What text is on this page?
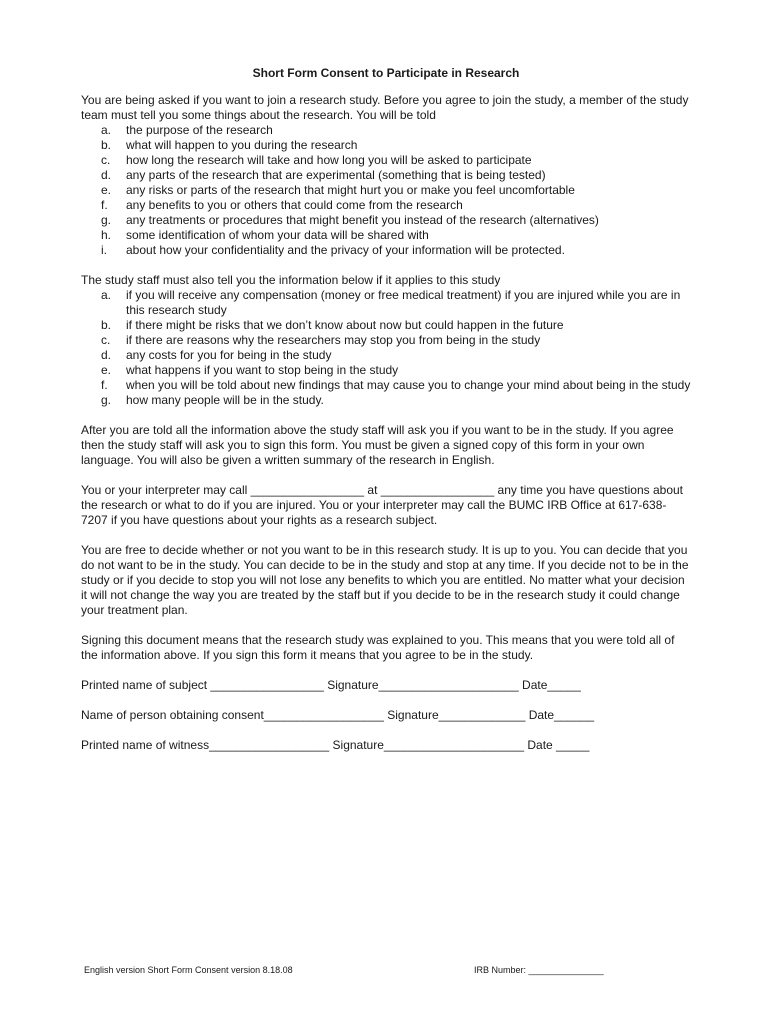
Short Form Consent to Participate in Research

You are being asked if you want to join a research study. Before you agree to join the study, a member of the study team must tell you some things about the research. You will be told

a. the purpose of the research
b. what will happen to you during the research
c. how long the research will take and how long you will be asked to participate
d. any parts of the research that are experimental (something that is being tested)
e. any risks or parts of the research that might hurt you or make you feel uncomfortable
f. any benefits to you or others that could come from the research
g. any treatments or procedures that might benefit you instead of the research (alternatives)
h. some identification of whom your data will be shared with
i. about how your confidentiality and the privacy of your information will be protected.

The study staff must also tell you the information below if it applies to this study

a. if you will receive any compensation (money or free medical treatment) if you are injured while you are in this research study
b. if there might be risks that we don’t know about now but could happen in the future
c. if there are reasons why the researchers may stop you from being in the study
d. any costs for you for being in the study
e. what happens if you want to stop being in the study
f. when you will be told about new findings that may cause you to change your mind about being in the study
g. how many people will be in the study.

After you are told all the information above the study staff will ask you if you want to be in the study. If you agree then the study staff will ask you to sign this form. You must be given a signed copy of this form in your own language. You will also be given a written summary of the research in English.

You or your interpreter may call _________________ at _________________ any time you have questions about the research or what to do if you are injured. You or your interpreter may call the BUMC IRB Office at 617-638-7207 if you have questions about your rights as a research subject.

You are free to decide whether or not you want to be in this research study. It is up to you. You can decide that you do not want to be in the study. You can decide to be in the study and stop at any time. If you decide not to be in the study or if you decide to stop you will not lose any benefits to which you are entitled. No matter what your decision it will not change the way you are treated by the staff but if you decide to be in the research study it could change your treatment plan.

Signing this document means that the research study was explained to you. This means that you were told all of the information above. If you sign this form it means that you agree to be in the study.

Printed name of subject _________________ Signature_____________________ Date_____
Name of person obtaining consent__________________ Signature_____________ Date______
Printed name of witness__________________ Signature_____________________ Date _____
English version Short Form Consent version 8.18.08	IRB Number: _______________
